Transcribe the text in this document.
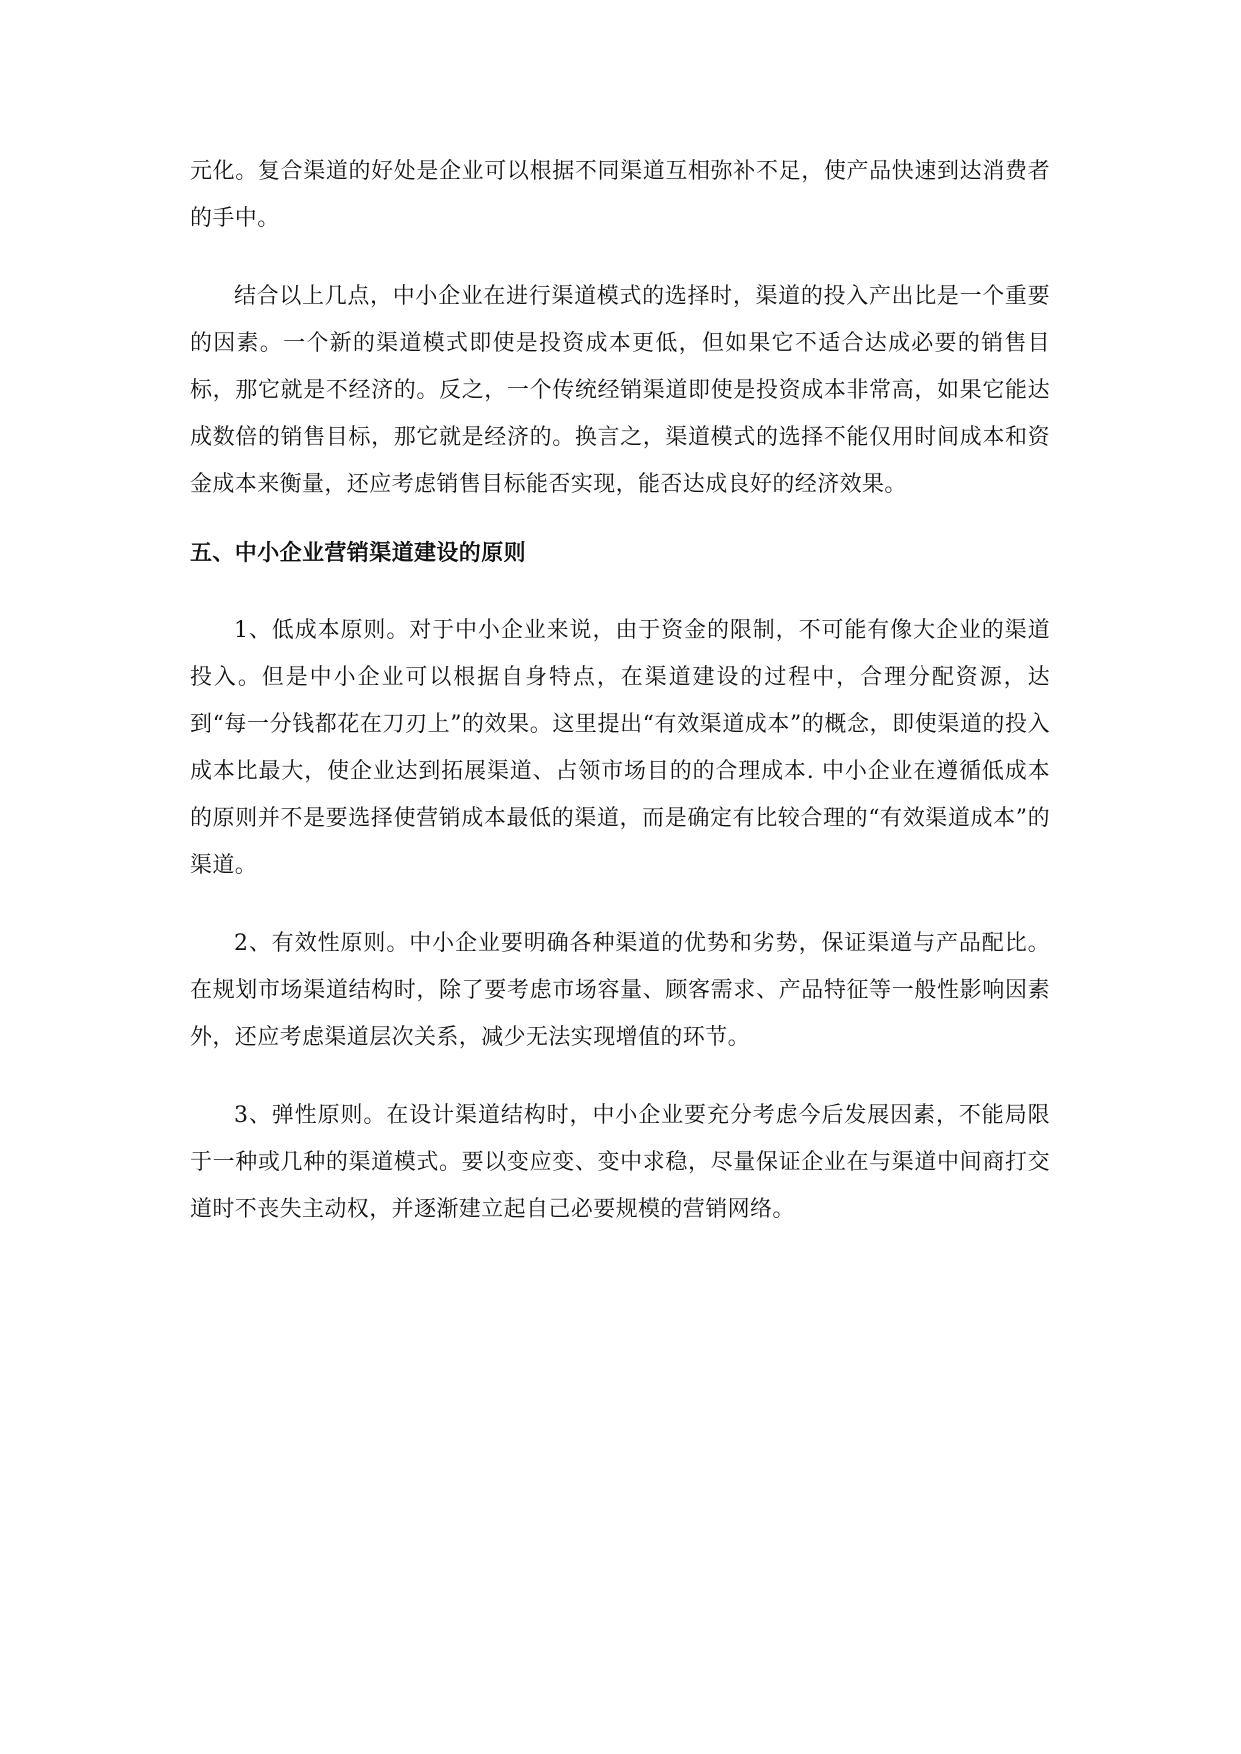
元化。复合渠道的好处是企业可以根据不同渠道互相弥补不足，使产品快速到达消费者的手中。

结合以上几点，中小企业在进行渠道模式的选择时，渠道的投入产出比是一个重要的因素。一个新的渠道模式即使是投资成本更低，但如果它不适合达成必要的销售目标，那它就是不经济的。反之，一个传统经销渠道即使是投资成本非常高，如果它能达成数倍的销售目标，那它就是经济的。换言之，渠道模式的选择不能仅用时间成本和资金成本来衡量，还应考虑销售目标能否实现，能否达成良好的经济效果。

五、中小企业营销渠道建设的原则

1、低成本原则。对于中小企业来说，由于资金的限制，不可能有像大企业的渠道投入。但是中小企业可以根据自身特点，在渠道建设的过程中，合理分配资源，达到“每一分钱都花在刀刃上”的效果。这里提出“有效渠道成本”的概念，即使渠道的投入成本比最大，使企业达到拓展渠道、占领市场目的的合理成本. 中小企业在遵循低成本的原则并不是要选择使营销成本最低的渠道，而是确定有比较合理的“有效渠道成本”的渠道。

2、有效性原则。中小企业要明确各种渠道的优势和劣势，保证渠道与产品配比。在规划市场渠道结构时，除了要考虑市场容量、顾客需求、产品特征等一般性影响因素外，还应考虑渠道层次关系，减少无法实现增值的环节。

3、弹性原则。在设计渠道结构时，中小企业要充分考虑今后发展因素，不能局限于一种或几种的渠道模式。要以变应变、变中求稳，尽量保证企业在与渠道中间商打交道时不丧失主动权，并逐渐建立起自己必要规模的营销网络。
